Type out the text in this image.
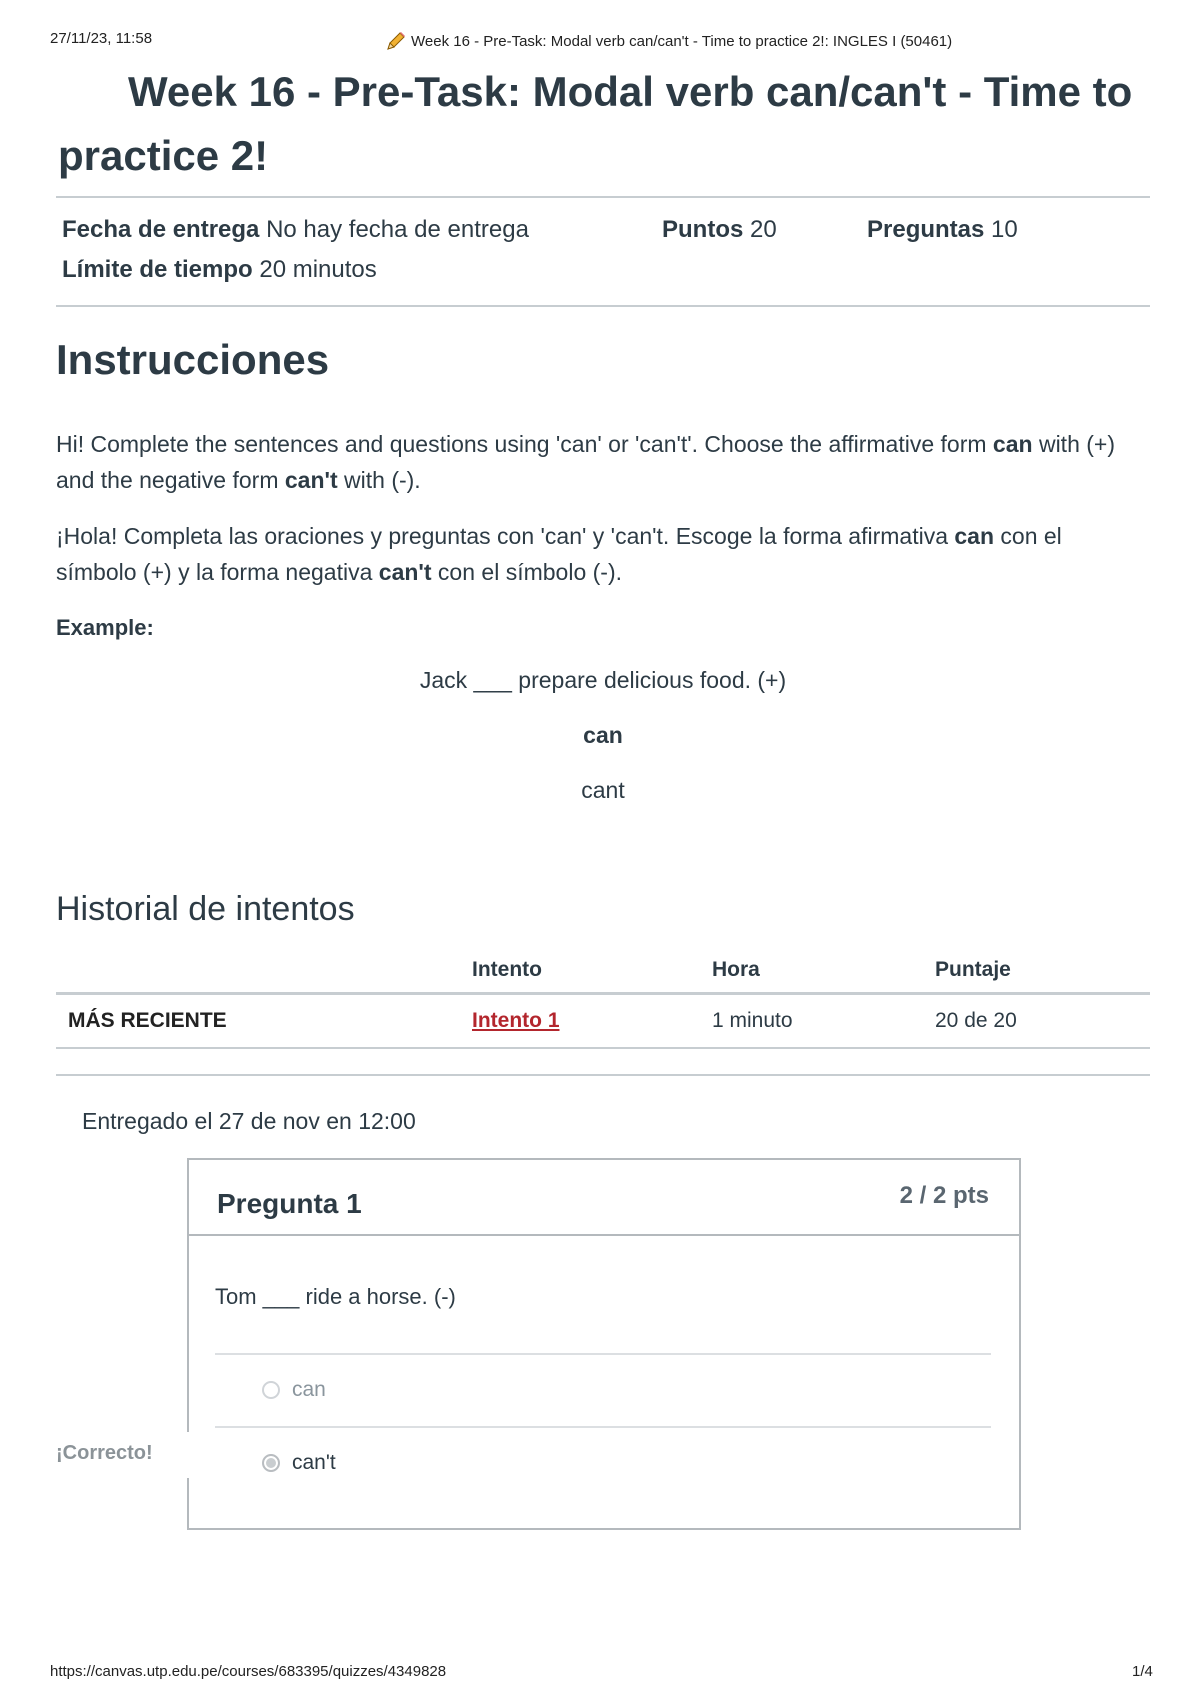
27/11/23, 11:58	Week 16 - Pre-Task: Modal verb can/can't - Time to practice 2!: INGLES I (50461)
Week 16 - Pre-Task: Modal verb can/can't - Time to practice 2!
Fecha de entrega No hay fecha de entrega	Puntos 20	Preguntas 10
Límite de tiempo 20 minutos
Instrucciones

Hi! Complete the sentences and questions using 'can' or 'can't'. Choose the affirmative form can with (+) and the negative form can't with (-).

¡Hola! Completa las oraciones y preguntas con 'can' y 'can't. Escoge la forma afirmativa can con el símbolo (+) y la forma negativa can't con el símbolo (-).

Example:
Jack ___ prepare delicious food. (+)
can
cant
Historial de intentos
	Intento	Hora	Puntaje
MÁS RECIENTE	Intento 1	1 minuto	20 de 20
Entregado el 27 de nov en 12:00
Pregunta 1	2 / 2 pts
Tom ___ ride a horse. (-)
can
can't
¡Correcto!
https://canvas.utp.edu.pe/courses/683395/quizzes/4349828	1/4
